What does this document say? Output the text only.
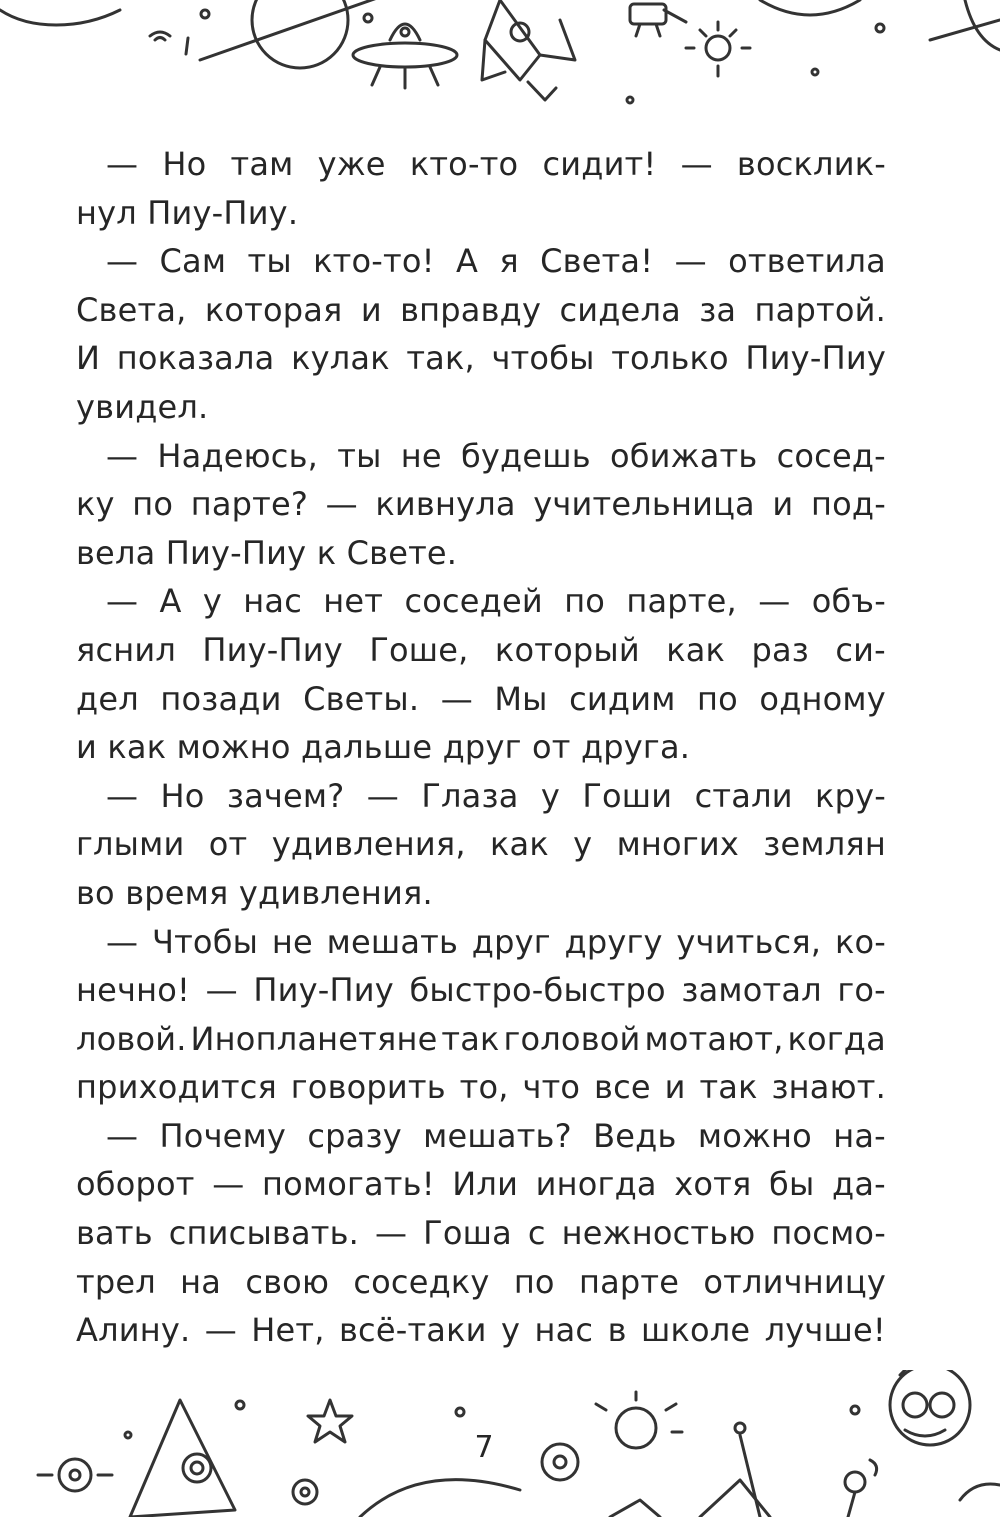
— Но там уже кто-то сидит! — восклик-
нул Пиу-Пиу.
— Сам ты кто-то! А я Света! — ответила
Света, которая и вправду сидела за партой.
И показала кулак так, чтобы только Пиу-Пиу
увидел.
— Надеюсь, ты не будешь обижать сосед-
ку по парте? — кивнула учительница и под-
вела Пиу-Пиу к Свете.
— А у нас нет соседей по парте, — объ-
яснил Пиу-Пиу Гоше, который как раз си-
дел позади Светы. — Мы сидим по одному
и как можно дальше друг от друга.
— Но зачем? — Глаза у Гоши стали кру-
глыми от удивления, как у многих землян
во время удивления.
— Чтобы не мешать друг другу учиться, ко-
нечно! — Пиу-Пиу быстро-быстро замотал го-
ловой. Инопланетяне так головой мотают, когда
приходится говорить то, что все и так знают.
— Почему сразу мешать? Ведь можно на-
оборот — помогать! Или иногда хотя бы да-
вать списывать. — Гоша с нежностью посмо-
трел на свою соседку по парте отличницу
Алину. — Нет, всё-таки у нас в школе лучше!
7
